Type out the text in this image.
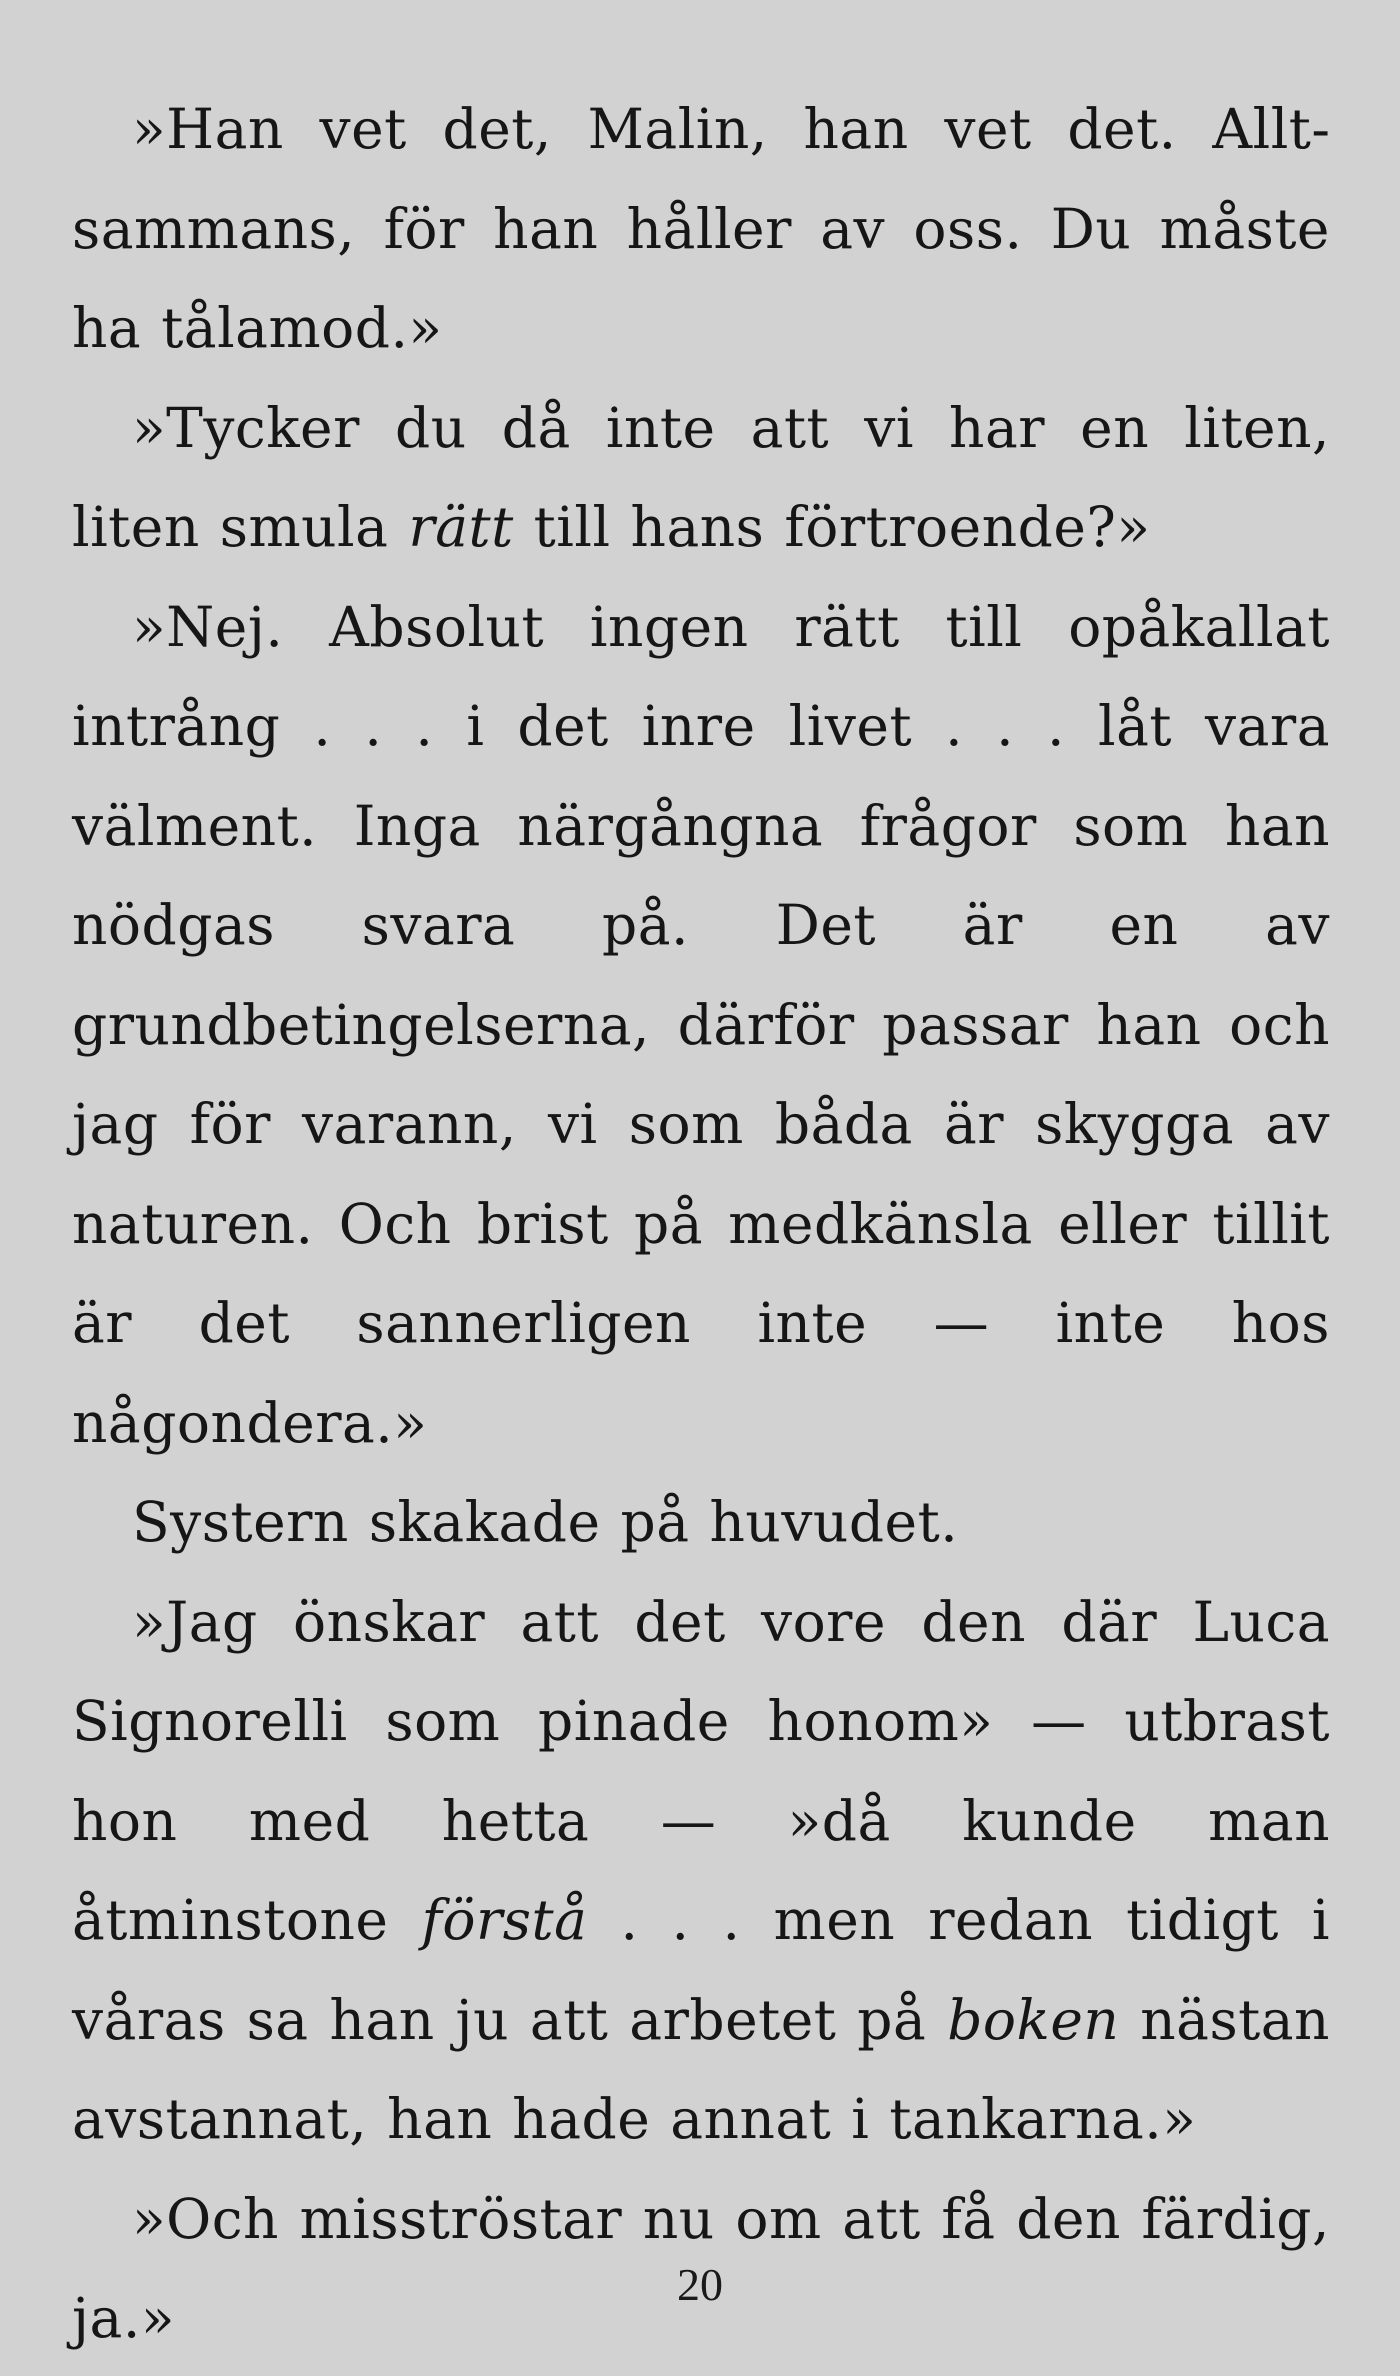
»Han vet det, Malin, han vet det. Alltsammans, för han håller av oss. Du måste ha tålamod.»

»Tycker du då inte att vi har en liten, liten smula rätt till hans förtroende?»

»Nej. Absolut ingen rätt till opåkallat intrång . . . i det inre livet . . . låt vara välment. Inga närgångna frågor som han nödgas svara på. Det är en av grundbetingelserna, därför passar han och jag för varann, vi som båda är skygga av naturen. Och brist på medkänsla eller tillit är det sannerligen inte — inte hos någondera.»

Systern skakade på huvudet.

»Jag önskar att det vore den där Luca Signorelli som pinade honom» — utbrast hon med hetta — »då kunde man åtminstone förstå . . . men redan tidigt i våras sa han ju att arbetet på boken nästan avstannat, han hade annat i tankarna.»

»Och misströstar nu om att få den färdig, ja.»

20
